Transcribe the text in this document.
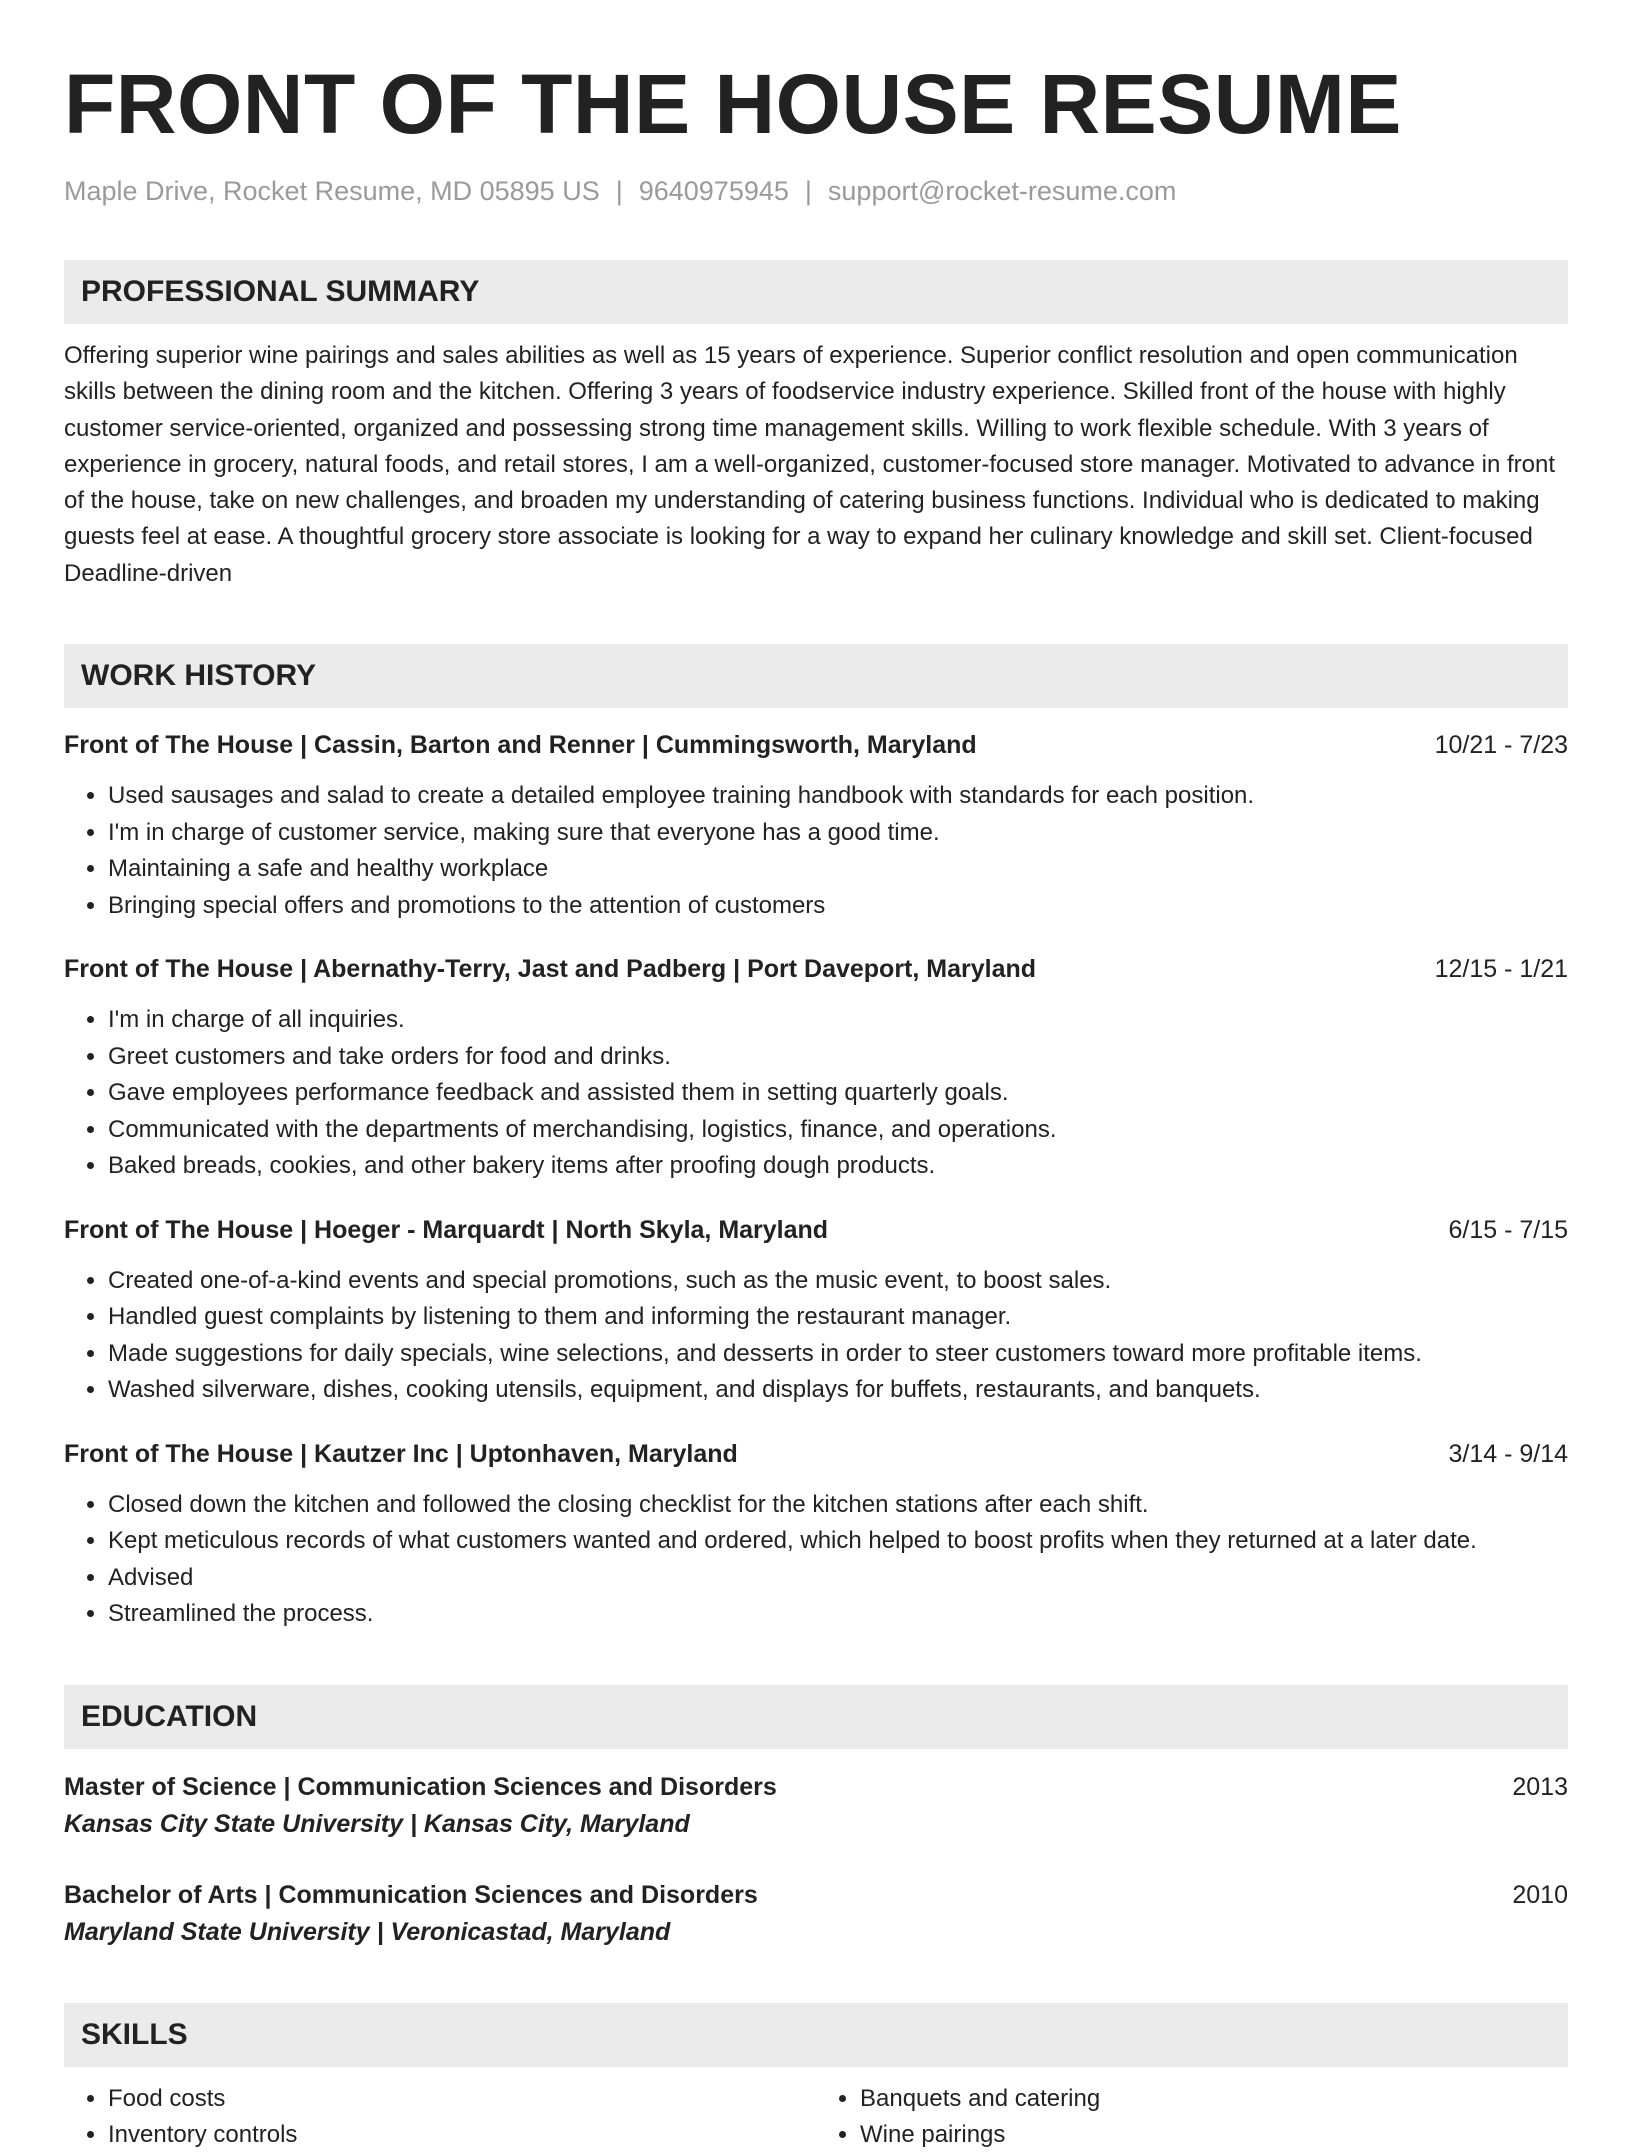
FRONT OF THE HOUSE RESUME
Maple Drive, Rocket Resume, MD 05895 US | 9640975945 | support@rocket-resume.com
PROFESSIONAL SUMMARY
Offering superior wine pairings and sales abilities as well as 15 years of experience. Superior conflict resolution and open communication skills between the dining room and the kitchen. Offering 3 years of foodservice industry experience. Skilled front of the house with highly customer service-oriented, organized and possessing strong time management skills. Willing to work flexible schedule. With 3 years of experience in grocery, natural foods, and retail stores, I am a well-organized, customer-focused store manager. Motivated to advance in front of the house, take on new challenges, and broaden my understanding of catering business functions. Individual who is dedicated to making guests feel at ease. A thoughtful grocery store associate is looking for a way to expand her culinary knowledge and skill set. Client-focused Deadline-driven
WORK HISTORY
Front of The House | Cassin, Barton and Renner | Cummingsworth, Maryland	10/21 - 7/23
• Used sausages and salad to create a detailed employee training handbook with standards for each position.
• I'm in charge of customer service, making sure that everyone has a good time.
• Maintaining a safe and healthy workplace
• Bringing special offers and promotions to the attention of customers
Front of The House | Abernathy-Terry, Jast and Padberg | Port Daveport, Maryland	12/15 - 1/21
• I'm in charge of all inquiries.
• Greet customers and take orders for food and drinks.
• Gave employees performance feedback and assisted them in setting quarterly goals.
• Communicated with the departments of merchandising, logistics, finance, and operations.
• Baked breads, cookies, and other bakery items after proofing dough products.
Front of The House | Hoeger - Marquardt | North Skyla, Maryland	6/15 - 7/15
• Created one-of-a-kind events and special promotions, such as the music event, to boost sales.
• Handled guest complaints by listening to them and informing the restaurant manager.
• Made suggestions for daily specials, wine selections, and desserts in order to steer customers toward more profitable items.
• Washed silverware, dishes, cooking utensils, equipment, and displays for buffets, restaurants, and banquets.
Front of The House | Kautzer Inc | Uptonhaven, Maryland	3/14 - 9/14
• Closed down the kitchen and followed the closing checklist for the kitchen stations after each shift.
• Kept meticulous records of what customers wanted and ordered, which helped to boost profits when they returned at a later date.
• Advised
• Streamlined the process.
EDUCATION
Master of Science | Communication Sciences and Disorders	2013
Kansas City State University | Kansas City, Maryland
Bachelor of Arts | Communication Sciences and Disorders	2010
Maryland State University | Veronicastad, Maryland
SKILLS
• Food costs
• Inventory controls
• Banquets and catering
• Wine pairings
